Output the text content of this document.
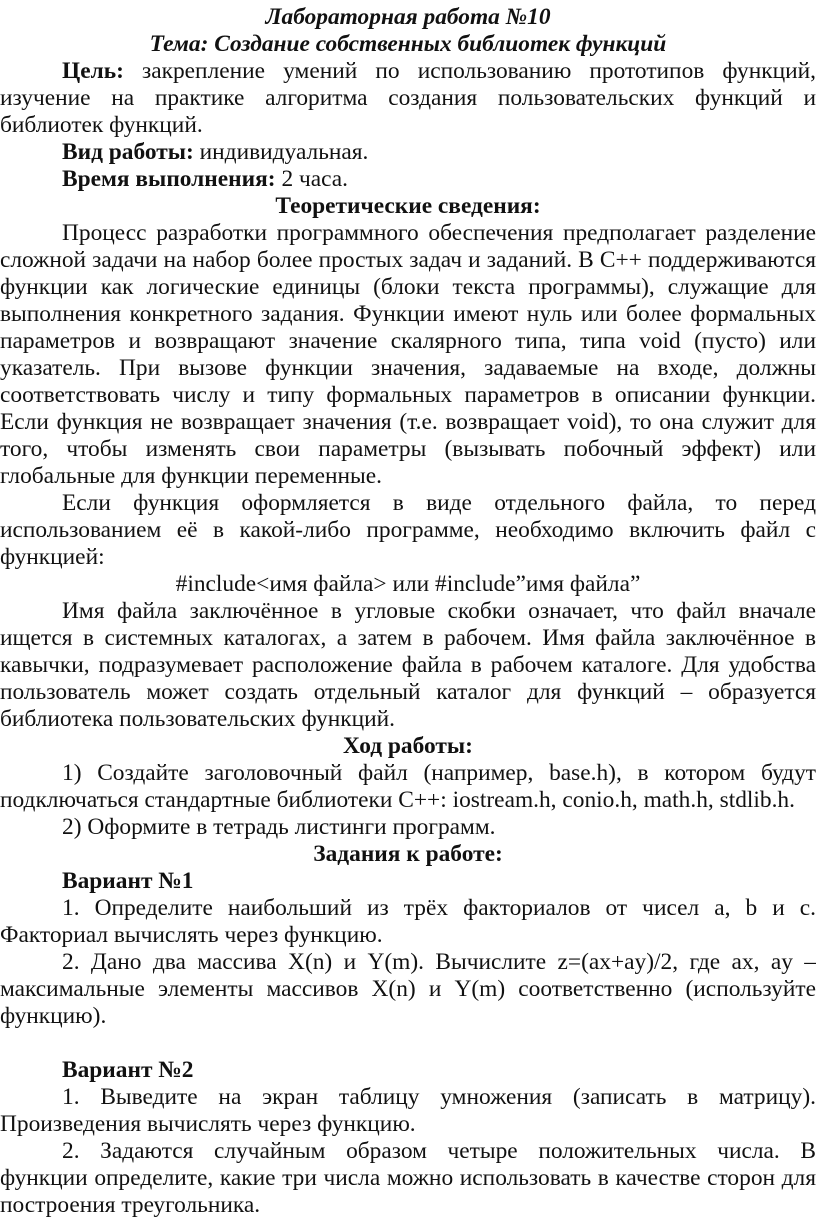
Лабораторная работа №10
Тема: Создание собственных библиотек функций
Цель: закрепление умений по использованию прототипов функций,
изучение на практике алгоритма создания пользовательских функций и
библиотек функций.
Вид работы: индивидуальная.
Время выполнения: 2 часа.
Теоретические сведения:
Процесс разработки программного обеспечения предполагает разделение
сложной задачи на набор более простых задач и заданий. В С++ поддерживаются
функции как логические единицы (блоки текста программы), служащие для
выполнения конкретного задания. Функции имеют нуль или более формальных
параметров и возвращают значение скалярного типа, типа void (пусто) или
указатель. При вызове функции значения, задаваемые на входе, должны
соответствовать числу и типу формальных параметров в описании функции.
Если функция не возвращает значения (т.е. возвращает void), то она служит для
того, чтобы изменять свои параметры (вызывать побочный эффект) или
глобальные для функции переменные.
Если функция оформляется в виде отдельного файла, то перед
использованием её в какой-либо программе, необходимо включить файл с
функцией:
#include<имя файла> или #include”имя файла”
Имя файла заключённое в угловые скобки означает, что файл вначале
ищется в системных каталогах, а затем в рабочем. Имя файла заключённое в
кавычки, подразумевает расположение файла в рабочем каталоге. Для удобства
пользователь может создать отдельный каталог для функций – образуется
библиотека пользовательских функций.
Ход работы:
1) Создайте заголовочный файл (например, base.h), в котором будут
подключаться стандартные библиотеки С++: iostream.h, conio.h, math.h, stdlib.h.
2) Оформите в тетрадь листинги программ.
Задания к работе:
Вариант №1
1. Определите наибольший из трёх факториалов от чисел a, b и c.
Факториал вычислять через функцию.
2. Дано два массива X(n) и Y(m). Вычислите z=(ax+ay)/2, где ax, ay –
максимальные элементы массивов X(n) и Y(m) соответственно (используйте
функцию).
Вариант №2
1. Выведите на экран таблицу умножения (записать в матрицу).
Произведения вычислять через функцию.
2. Задаются случайным образом четыре положительных числа. В
функции определите, какие три числа можно использовать в качестве сторон для
построения треугольника.
